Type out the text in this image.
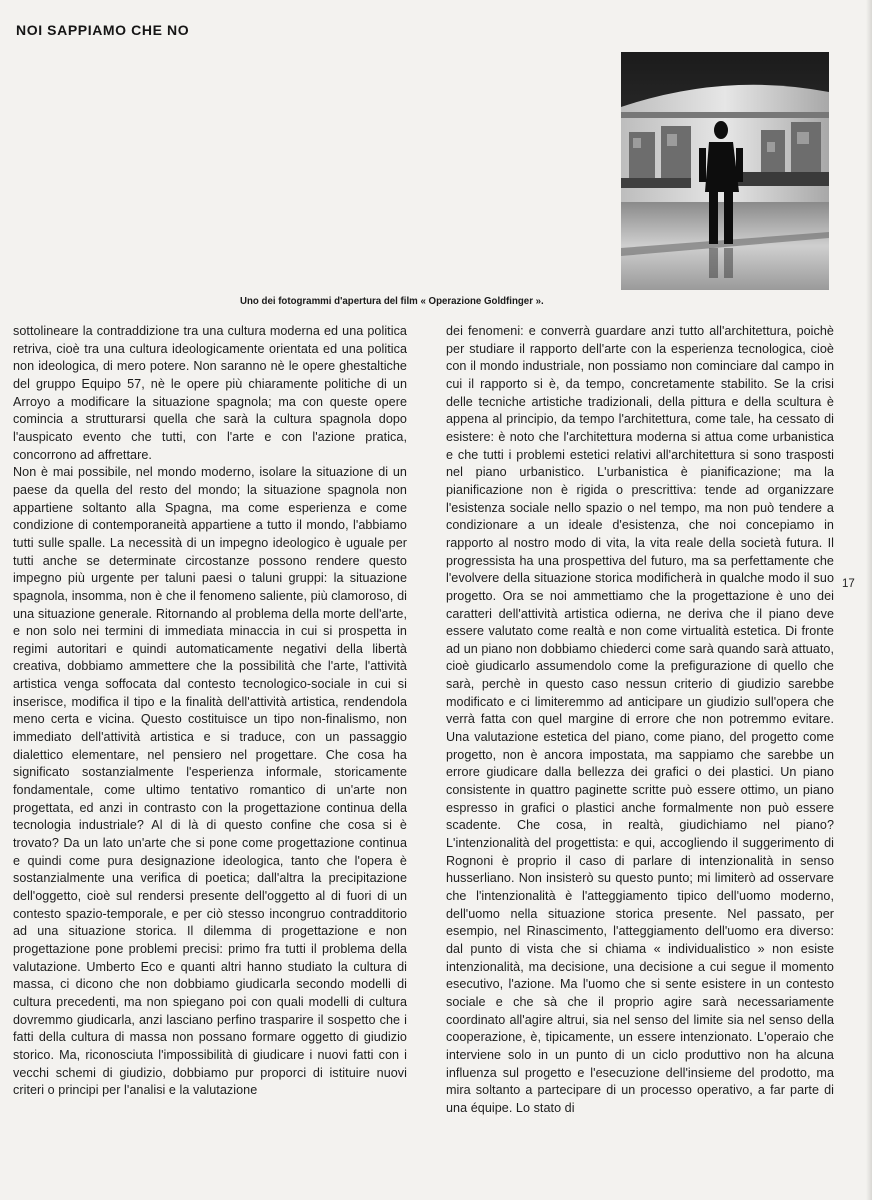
NOI SAPPIAMO CHE NO
Uno dei fotogrammi d'apertura del film « Operazione Goldfinger ».

sottolineare la contraddizione tra una cultura moderna ed una politica retriva, cioè tra una cultura ideologicamente orientata ed una politica non ideologica, di mero potere. Non saranno nè le opere ghestaltiche del gruppo Equipo 57, nè le opere più chiaramente politiche di un Arroyo a modificare la situazione spagnola; ma con queste opere comincia a strutturarsi quella che sarà la cultura spagnola dopo l'auspicato evento che tutti, con l'arte e con l'azione pratica, concorrono ad affrettare.

Non è mai possibile, nel mondo moderno, isolare la situazione di un paese da quella del resto del mondo; la situazione spagnola non appartiene soltanto alla Spagna, ma come esperienza e come condizione di contemporaneità appartiene a tutto il mondo, l'abbiamo tutti sulle spalle. La necessità di un impegno ideologico è uguale per tutti anche se determinate circostanze possono rendere questo impegno più urgente per taluni paesi o taluni gruppi: la situazione spagnola, insomma, non è che il fenomeno saliente, più clamoroso, di una situazione generale. Ritornando al problema della morte dell'arte, e non solo nei termini di immediata minaccia in cui si prospetta in regimi autoritari e quindi automaticamente negativi della libertà creativa, dobbiamo ammettere che la possibilità che l'arte, l'attività artistica venga soffocata dal contesto tecnologico-sociale in cui si inserisce, modifica il tipo e la finalità dell'attività artistica, rendendola meno certa e vicina. Questo costituisce un tipo non-finalismo, non immediato dell'attività artistica e si traduce, con un passaggio dialettico elementare, nel pensiero nel progettare. Che cosa ha significato sostanzialmente l'esperienza informale, storicamente fondamentale, come ultimo tentativo romantico di un'arte non progettata, ed anzi in contrasto con la progettazione continua della tecnologia industriale? Al di là di questo confine che cosa si è trovato? Da un lato un'arte che si pone come progettazione continua e quindi come pura designazione ideologica, tanto che l'opera è sostanzialmente una verifica di poetica; dall'altra la precipitazione dell'oggetto, cioè sul rendersi presente dell'oggetto al di fuori di un contesto spazio-temporale, e per ciò stesso incongruo contradditorio ad una situazione storica. Il dilemma di progettazione e non progettazione pone problemi precisi: primo fra tutti il problema della valutazione. Umberto Eco e quanti altri hanno studiato la cultura di massa, ci dicono che non dobbiamo giudicarla secondo modelli di cultura precedenti, ma non spiegano poi con quali modelli di cultura dovremmo giudicarla, anzi lasciano perfino trasparire il sospetto che i fatti della cultura di massa non possano formare oggetto di giudizio storico. Ma, riconosciuta l'impossibilità di giudicare i nuovi fatti con i vecchi schemi di giudizio, dobbiamo pur proporci di istituire nuovi criteri o principi per l'analisi e la valutazione

dei fenomeni: e converrà guardare anzi tutto all'architettura, poichè per studiare il rapporto dell'arte con la esperienza tecnologica, cioè con il mondo industriale, non possiamo non cominciare dal campo in cui il rapporto si è, da tempo, concretamente stabilito. Se la crisi delle tecniche artistiche tradizionali, della pittura e della scultura è appena al principio, da tempo l'architettura, come tale, ha cessato di esistere: è noto che l'architettura moderna si attua come urbanistica e che tutti i problemi estetici relativi all'architettura si sono trasposti nel piano urbanistico. L'urbanistica è pianificazione; ma la pianificazione non è rigida o prescrittiva: tende ad organizzare l'esistenza sociale nello spazio o nel tempo, ma non può tendere a condizionare a un ideale d'esistenza, che noi concepiamo in rapporto al nostro modo di vita, la vita reale della società futura. Il progressista ha una prospettiva del futuro, ma sa perfettamente che l'evolvere della situazione storica modificherà in qualche modo il suo progetto. Ora se noi ammettiamo che la progettazione è uno dei caratteri dell'attività artistica odierna, ne deriva che il piano deve essere valutato come realtà e non come virtualità estetica. Di fronte ad un piano non dobbiamo chiederci come sarà quando sarà attuato, cioè giudicarlo assumendolo come la prefigurazione di quello che sarà, perchè in questo caso nessun criterio di giudizio sarebbe modificato e ci limiteremmo ad anticipare un giudizio sull'opera che verrà fatta con quel margine di errore che non potremmo evitare. Una valutazione estetica del piano, come piano, del progetto come progetto, non è ancora impostata, ma sappiamo che sarebbe un errore giudicare dalla bellezza dei grafici o dei plastici. Un piano consistente in quattro paginette scritte può essere ottimo, un piano espresso in grafici o plastici anche formalmente non può essere scadente. Che cosa, in realtà, giudichiamo nel piano? L'intenzionalità del progettista: e qui, accogliendo il suggerimento di Rognoni è proprio il caso di parlare di intenzionalità in senso husserliano. Non insisterò su questo punto; mi limiterò ad osservare che l'intenzionalità è l'atteggiamento tipico dell'uomo moderno, dell'uomo nella situazione storica presente. Nel passato, per esempio, nel Rinascimento, l'atteggiamento dell'uomo era diverso: dal punto di vista che si chiama « individualistico » non esiste intenzionalità, ma decisione, una decisione a cui segue il momento esecutivo, l'azione. Ma l'uomo che si sente esistere in un contesto sociale e che sà che il proprio agire sarà necessariamente coordinato all'agire altrui, sia nel senso del limite sia nel senso della cooperazione, è, tipicamente, un essere intenzionato. L'operaio che interviene solo in un punto di un ciclo produttivo non ha alcuna influenza sul progetto e l'esecuzione dell'insieme del prodotto, ma mira soltanto a partecipare di un processo operativo, a far parte di una équipe. Lo stato di

17
